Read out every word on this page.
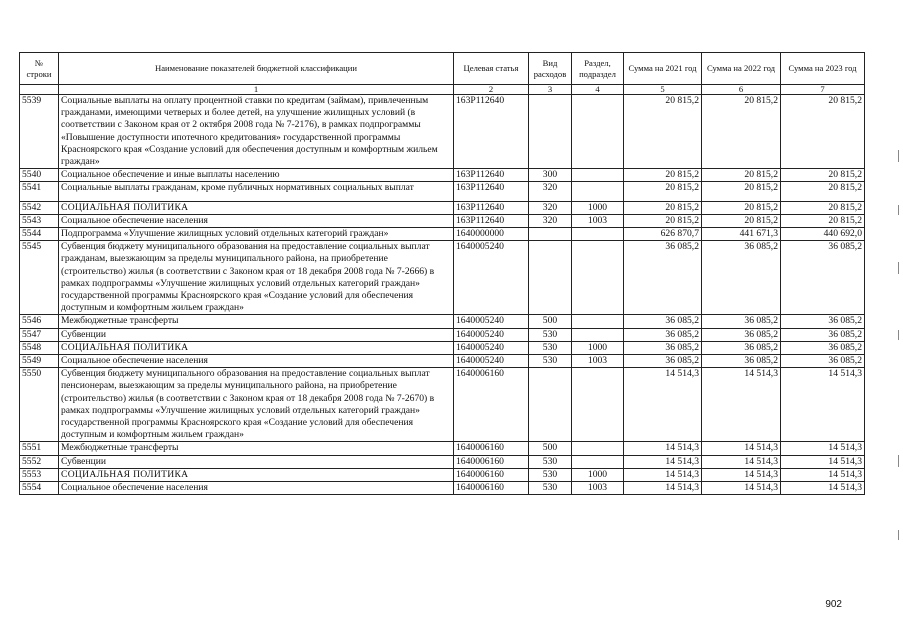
№ строки	Наименование показателей бюджетной классификации	Целевая статья	Вид расходов	Раздел, подраздел	Сумма на 2021 год	Сумма на 2022 год	Сумма на 2023 год
	1	2	3	4	5	6	7
5539	Социальные выплаты на оплату процентной ставки по кредитам (займам), привлеченным гражданами, имеющими четверых и более детей, на улучшение жилищных условий (в соответствии с Законом края от 2 октября 2008 года № 7-2176), в рамках подпрограммы «Повышение доступности ипотечного кредитования» государственной программы Красноярского края «Создание условий для обеспечения доступным и комфортным жильем граждан»	163P112640			20 815,2	20 815,2	20 815,2
5540	Социальное обеспечение и иные выплаты населению	163P112640	300		20 815,2	20 815,2	20 815,2
5541	Социальные выплаты гражданам, кроме публичных нормативных социальных выплат	163P112640	320		20 815,2	20 815,2	20 815,2
5542	СОЦИАЛЬНАЯ ПОЛИТИКА	163P112640	320	1000	20 815,2	20 815,2	20 815,2
5543	Социальное обеспечение населения	163P112640	320	1003	20 815,2	20 815,2	20 815,2
5544	Подпрограмма «Улучшение жилищных условий отдельных категорий граждан»	1640000000			626 870,7	441 671,3	440 692,0
5545	Субвенция бюджету муниципального образования на предоставление социальных выплат гражданам, выезжающим за пределы муниципального района, на приобретение (строительство) жилья (в соответствии с Законом края от 18 декабря 2008 года № 7-2666) в рамках подпрограммы «Улучшение жилищных условий отдельных категорий граждан» государственной программы Красноярского края «Создание условий для обеспечения доступным и комфортным жильем граждан»	1640005240			36 085,2	36 085,2	36 085,2
5546	Межбюджетные трансферты	1640005240	500		36 085,2	36 085,2	36 085,2
5547	Субвенции	1640005240	530		36 085,2	36 085,2	36 085,2
5548	СОЦИАЛЬНАЯ ПОЛИТИКА	1640005240	530	1000	36 085,2	36 085,2	36 085,2
5549	Социальное обеспечение населения	1640005240	530	1003	36 085,2	36 085,2	36 085,2
5550	Субвенция бюджету муниципального образования на предоставление социальных выплат пенсионерам, выезжающим за пределы муниципального района, на приобретение (строительство) жилья (в соответствии с Законом края от 18 декабря 2008 года № 7-2670) в рамках подпрограммы «Улучшение жилищных условий отдельных категорий граждан» государственной программы Красноярского края «Создание условий для обеспечения доступным и комфортным жильем граждан»	1640006160			14 514,3	14 514,3	14 514,3
5551	Межбюджетные трансферты	1640006160	500		14 514,3	14 514,3	14 514,3
5552	Субвенции	1640006160	530		14 514,3	14 514,3	14 514,3
5553	СОЦИАЛЬНАЯ ПОЛИТИКА	1640006160	530	1000	14 514,3	14 514,3	14 514,3
5554	Социальное обеспечение населения	1640006160	530	1003	14 514,3	14 514,3	14 514,3
902
